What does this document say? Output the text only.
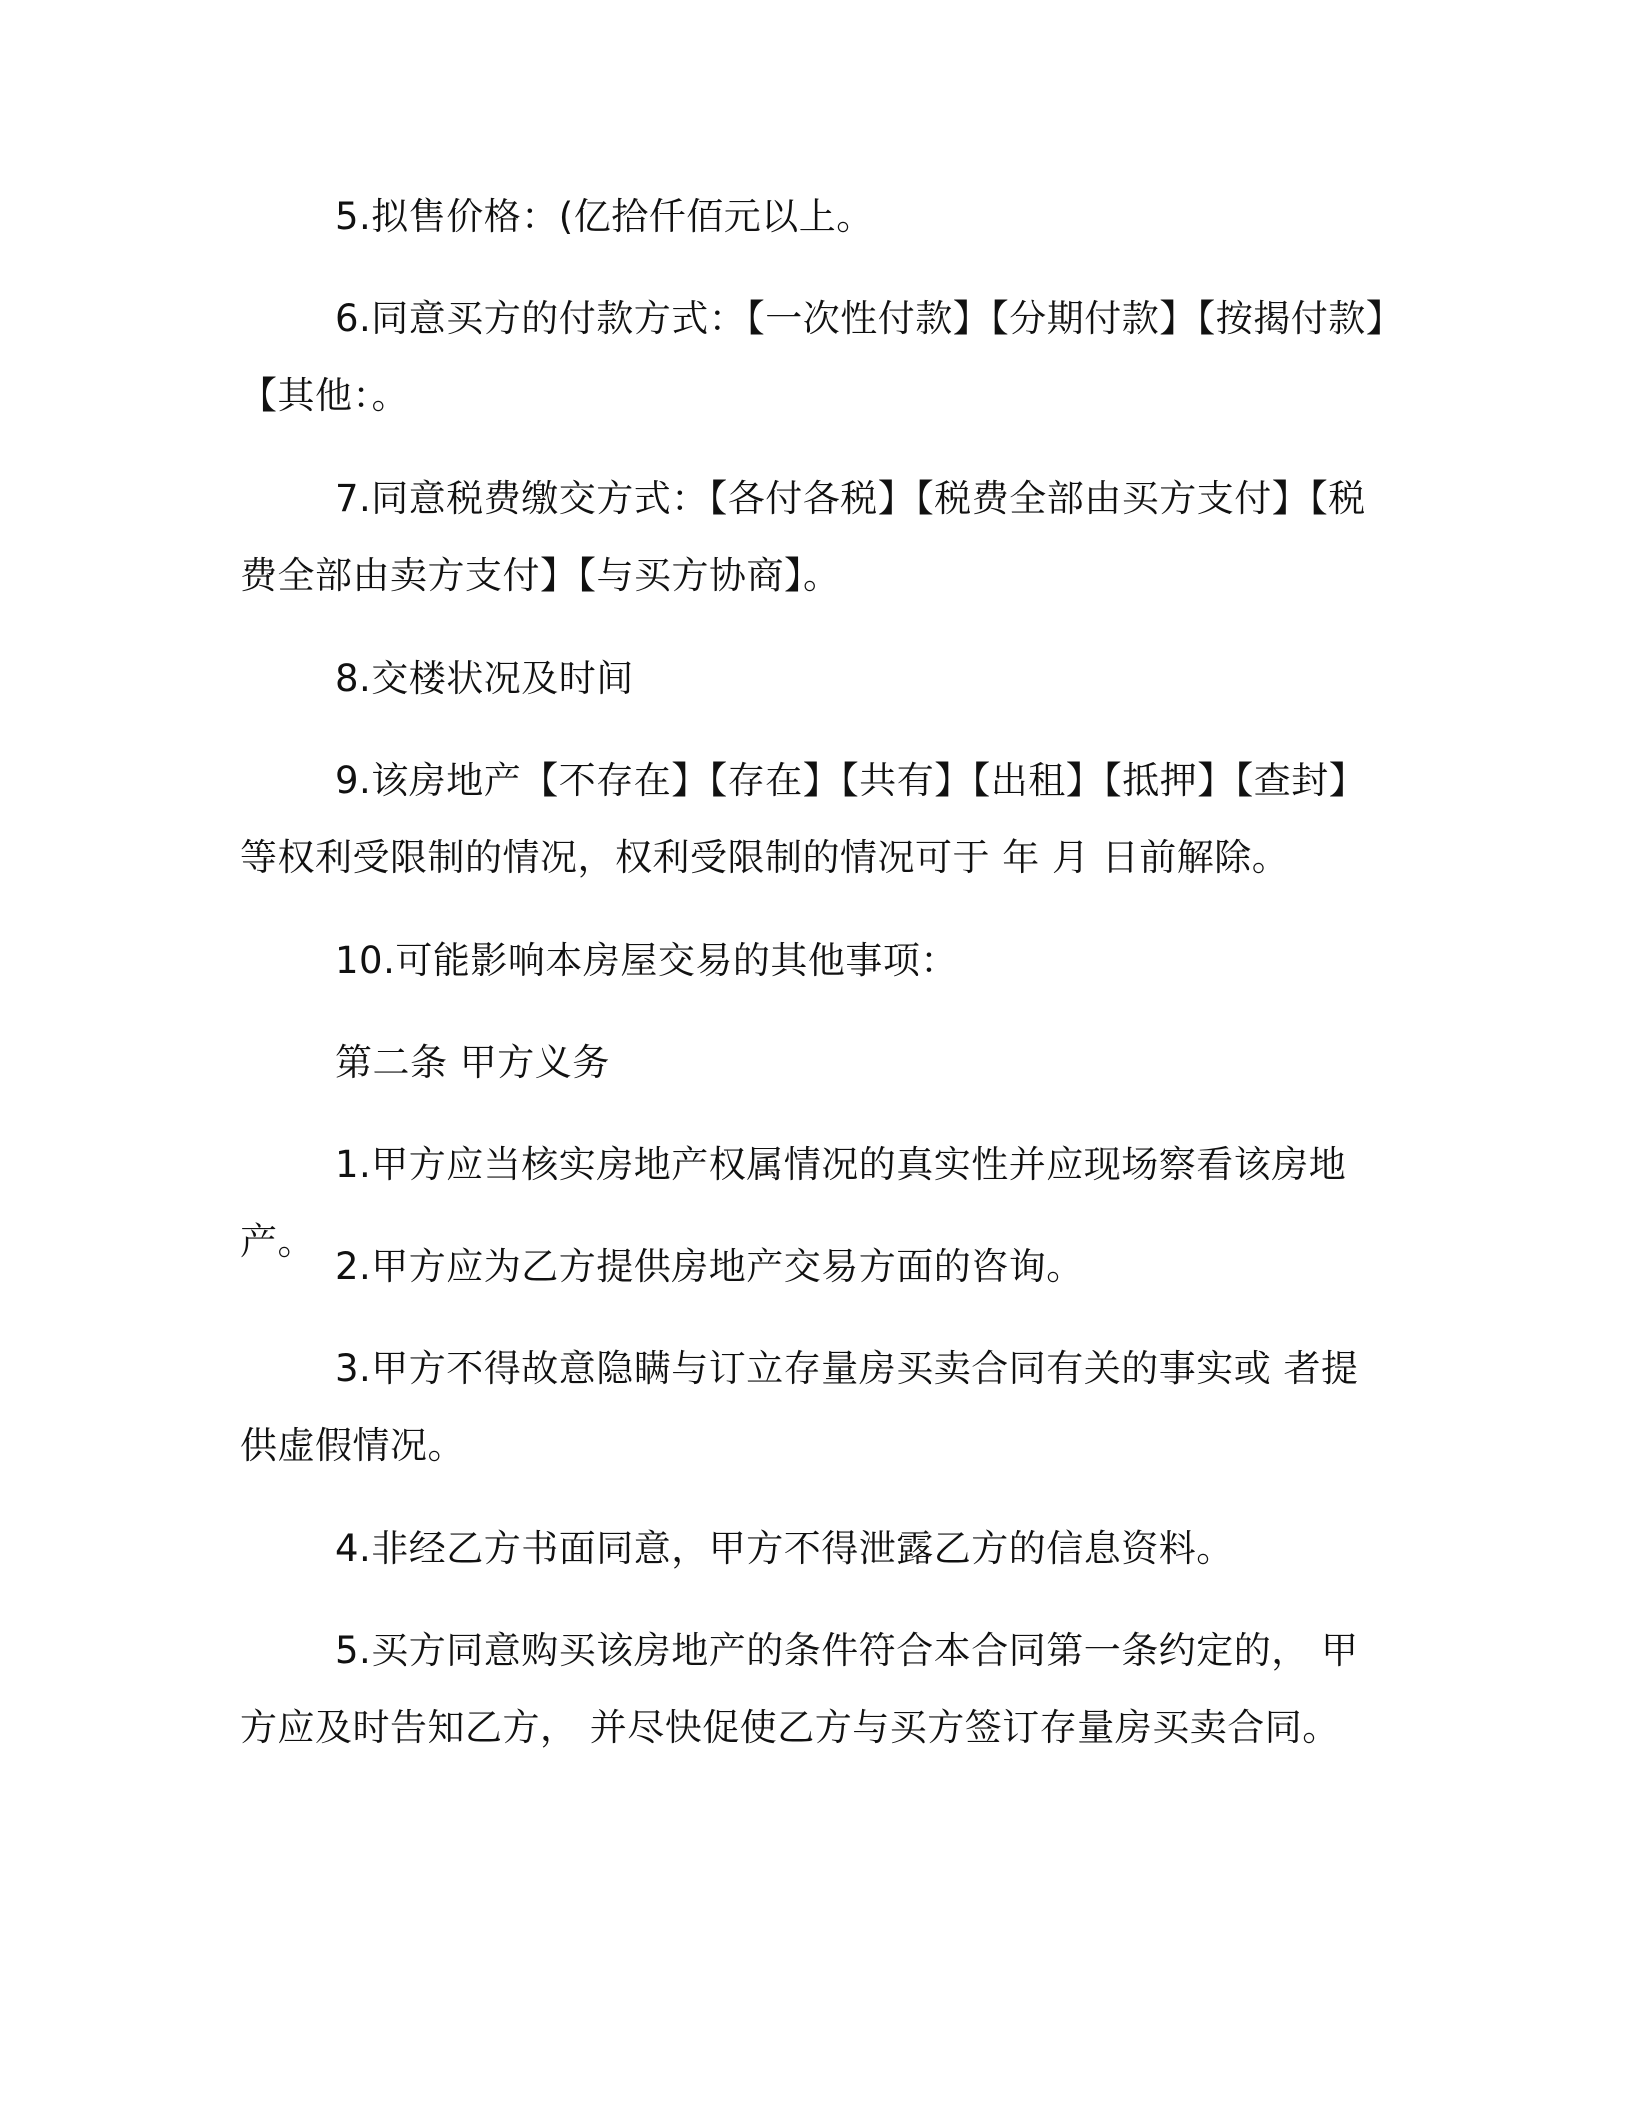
5.拟售价格：(亿拾仟佰元以上。

6.同意买方的付款方式：【一次性付款】【分期付款】【按揭付款】【其他：。

7.同意税费缴交方式：【各付各税】【税费全部由买方支付】【税费全部由卖方支付】【与买方协商】。

8.交楼状况及时间

9.该房地产【不存在】【存在】【共有】【出租】【抵押】【查封】等权利受限制的情况，权利受限制的情况可于 年 月 日前解除。

10.可能影响本房屋交易的其他事项：

第二条 甲方义务

1.甲方应当核实房地产权属情况的真实性并应现场察看该房地产。

2.甲方应为乙方提供房地产交易方面的咨询。

3.甲方不得故意隐瞒与订立存量房买卖合同有关的事实或 者提供虚假情况。

4.非经乙方书面同意，甲方不得泄露乙方的信息资料。

5.买方同意购买该房地产的条件符合本合同第一条约定的， 甲方应及时告知乙方， 并尽快促使乙方与买方签订存量房买卖合同。
